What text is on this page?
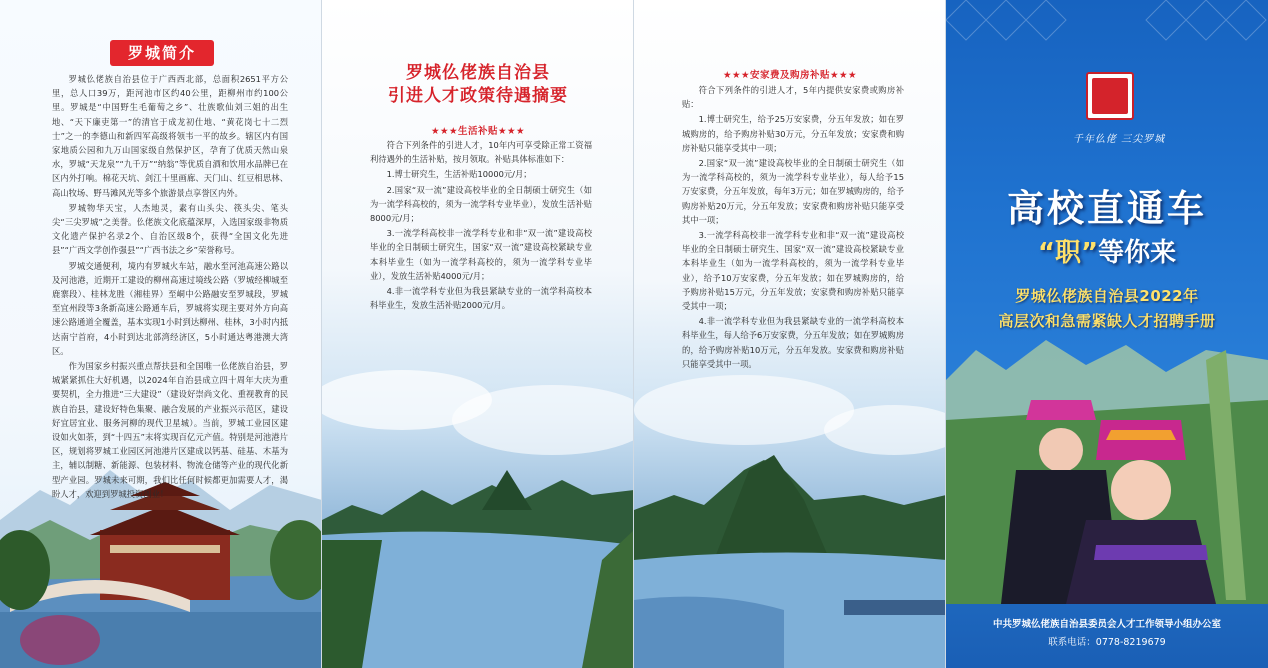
罗城简介

罗城仫佬族自治县位于广西西北部，总面积2651平方公里，总人口39万，距河池市区约40公里，距柳州市约100公里。罗城是“中国野生毛葡萄之乡”、壮族歌仙刘三姐的出生地、“天下廉吏第一”的清官于成龙初仕地、“黄花岗七十二烈士”之一的李德山和新四军高级将领韦一平的故乡。辖区内有国家地质公园和九万山国家级自然保护区，孕育了优质天然山泉水，罗城“天龙泉”“九千万”“纳翁”等优质自酒和饮用水品牌已在区内外打响。棉花天坑、剑江十里画廊、天门山、红豆相思林、高山牧场、野马滩风光等多个旅游景点享誉区内外。

罗城物华天宝，人杰地灵，素有山头尖、筷头尖、笔头尖“三尖罗城”之美誉。仫佬族文化底蕴深厚，入选国家级非物质文化遗产保护名录2个、自治区级8个，获得“全国文化先进县”“广西文学创作强县”“广西书法之乡”荣誉称号。

罗城交通便利，境内有罗城火车站，融水至河池高速公路以及河池港，近期开工建设的柳州高速过境线公路（罗城经柳城至鹿寨段）、桂林龙胜（湘桂界）至峒中公路融安至罗城段，罗城至宜州段等3条新高速公路通车后，罗城将实现主要对外方向高速公路通道全覆盖，基本实现1小时到达柳州、桂林，3小时内抵达南宁首府，4小时到达北部湾经济区，5小时通达粤港澳大湾区。

作为国家乡村振兴重点帮扶县和全国唯一仫佬族自治县，罗城紧紧抓住大好机遇，以2024年自治县成立四十周年大庆为重要契机，全力推进“三大建设”（建设好崇尚文化、重视教育的民族自治县，建设好特色集聚、融合发展的产业振兴示范区，建设好宜居宜业、服务河柳的现代卫星城）。当前，罗城工业园区建设如火如荼，到“十四五”末将实现百亿元产值。特别是河池港片区，规划将罗城工业园区河池港片区建成以钙基、硅基、木基为主，辅以制糖、新能源、包装材料、物流仓储等产业的现代化新型产业园。罗城未来可期，我们比任何时候都更加需要人才，渴盼人才，欢迎到罗城投资创业！

罗城仫佬族自治县
引进人才政策待遇摘要
★★★生活补贴★★★

符合下列条件的引进人才，10年内可享受除正常工资福利待遇外的生活补贴，按月领取。补贴具体标准如下：

1.博士研究生，生活补贴10000元/月；

2.国家“双一流”建设高校毕业的全日制硕士研究生（如为一流学科高校的，须为一流学科专业毕业），发放生活补贴8000元/月；

3.一流学科高校非一流学科专业和非“双一流”建设高校毕业的全日制硕士研究生，国家“双一流”建设高校紧缺专业本科毕业生（如为一流学科高校的，须为一流学科专业毕业），发放生活补贴4000元/月；

4.非一流学科专业但为我县紧缺专业的一流学科高校本科毕业生，发放生活补贴2000元/月。

★★★安家费及购房补贴★★★

符合下列条件的引进人才，5年内提供安家费或购房补贴：

1.博士研究生，给予25万安家费，分五年发放；如在罗城购房的，给予购房补贴30万元，分五年发放；安家费和购房补贴只能享受其中一项；

2.国家“双一流”建设高校毕业的全日制硕士研究生（如为一流学科高校的，须为一流学科专业毕业），每人给予15万安家费，分五年发放，每年3万元；如在罗城购房的，给予购房补贴20万元，分五年发放；安家费和购房补贴只能享受其中一项；

3.一流学科高校非一流学科专业和非“双一流”建设高校毕业的全日制硕士研究生、国家“双一流”建设高校紧缺专业本科毕业生（如为一流学科高校的，须为一流学科专业毕业），给予10万安家费，分五年发放；如在罗城购房的，给予购房补贴15万元，分五年发放；安家费和购房补贴只能享受其中一项；

4.非一流学科专业但为我县紧缺专业的一流学科高校本科毕业生，每人给予6万安家费，分五年发放；如在罗城购房的，给予购房补贴10万元，分五年发放。安家费和购房补贴只能享受其中一项。

千年仫佬 三尖罗城
高校直通车
“职”等你来
罗城仫佬族自治县2022年
高层次和急需紧缺人才招聘手册
中共罗城仫佬族自治县委员会人才工作领导小组办公室
联系电话：0778-8219679
